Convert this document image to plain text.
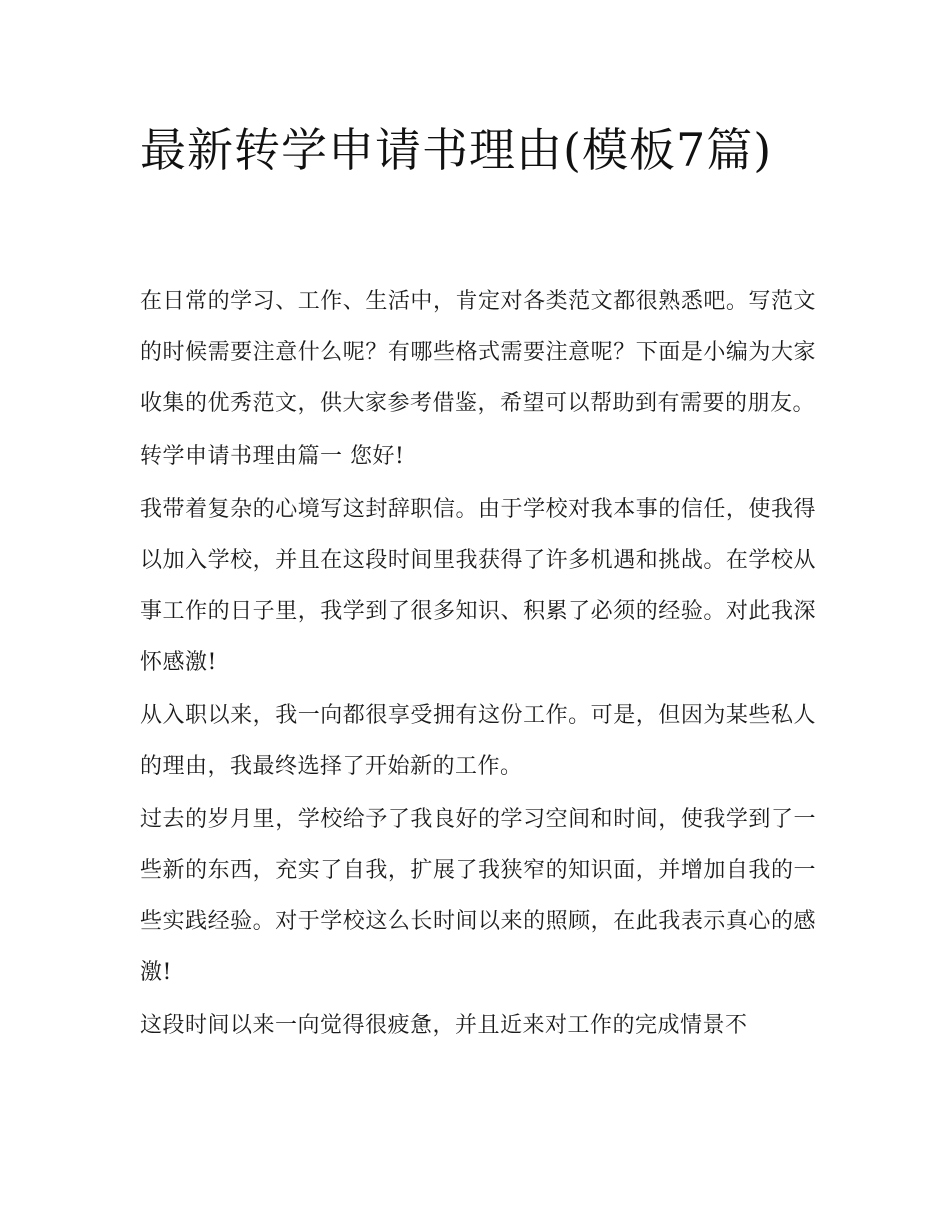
最新转学申请书理由(模板7篇)

在日常的学习、工作、生活中，肯定对各类范文都很熟悉吧。写范文的时候需要注意什么呢？有哪些格式需要注意呢？下面是小编为大家收集的优秀范文，供大家参考借鉴，希望可以帮助到有需要的朋友。

转学申请书理由篇一 您好!

我带着复杂的心境写这封辞职信。由于学校对我本事的信任，使我得以加入学校，并且在这段时间里我获得了许多机遇和挑战。在学校从事工作的日子里，我学到了很多知识、积累了必须的经验。对此我深怀感激!

从入职以来，我一向都很享受拥有这份工作。可是，但因为某些私人的理由，我最终选择了开始新的工作。

过去的岁月里，学校给予了我良好的学习空间和时间，使我学到了一些新的东西，充实了自我，扩展了我狭窄的知识面，并增加自我的一些实践经验。对于学校这么长时间以来的照顾，在此我表示真心的感激!

这段时间以来一向觉得很疲惫，并且近来对工作的完成情景不
